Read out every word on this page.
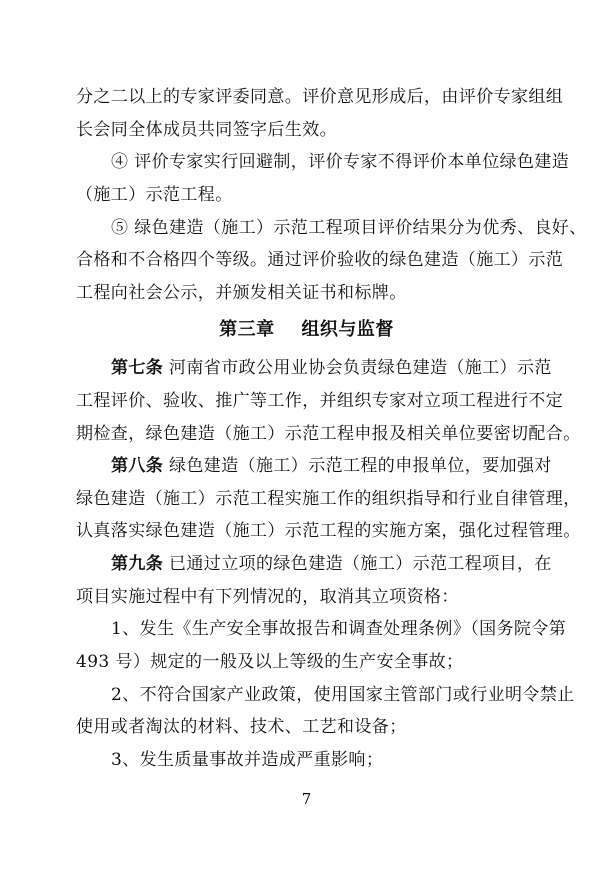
分之二以上的专家评委同意。评价意见形成后，由评价专家组组
长会同全体成员共同签字后生效。
④ 评价专家实行回避制，评价专家不得评价本单位绿色建造
（施工）示范工程。
⑤ 绿色建造（施工）示范工程项目评价结果分为优秀、良好、
合格和不合格四个等级。通过评价验收的绿色建造（施工）示范
工程向社会公示，并颁发相关证书和标牌。
第三章 组织与监督
第七条 河南省市政公用业协会负责绿色建造（施工）示范
工程评价、验收、推广等工作，并组织专家对立项工程进行不定
期检查，绿色建造（施工）示范工程申报及相关单位要密切配合。
第八条 绿色建造（施工）示范工程的申报单位，要加强对
绿色建造（施工）示范工程实施工作的组织指导和行业自律管理，
认真落实绿色建造（施工）示范工程的实施方案，强化过程管理。
第九条 已通过立项的绿色建造（施工）示范工程项目，在
项目实施过程中有下列情况的，取消其立项资格：
1、发生《生产安全事故报告和调查处理条例》（国务院令第
493 号）规定的一般及以上等级的生产安全事故；
2、不符合国家产业政策，使用国家主管部门或行业明令禁止
使用或者淘汰的材料、技术、工艺和设备；
3、发生质量事故并造成严重影响；
7
